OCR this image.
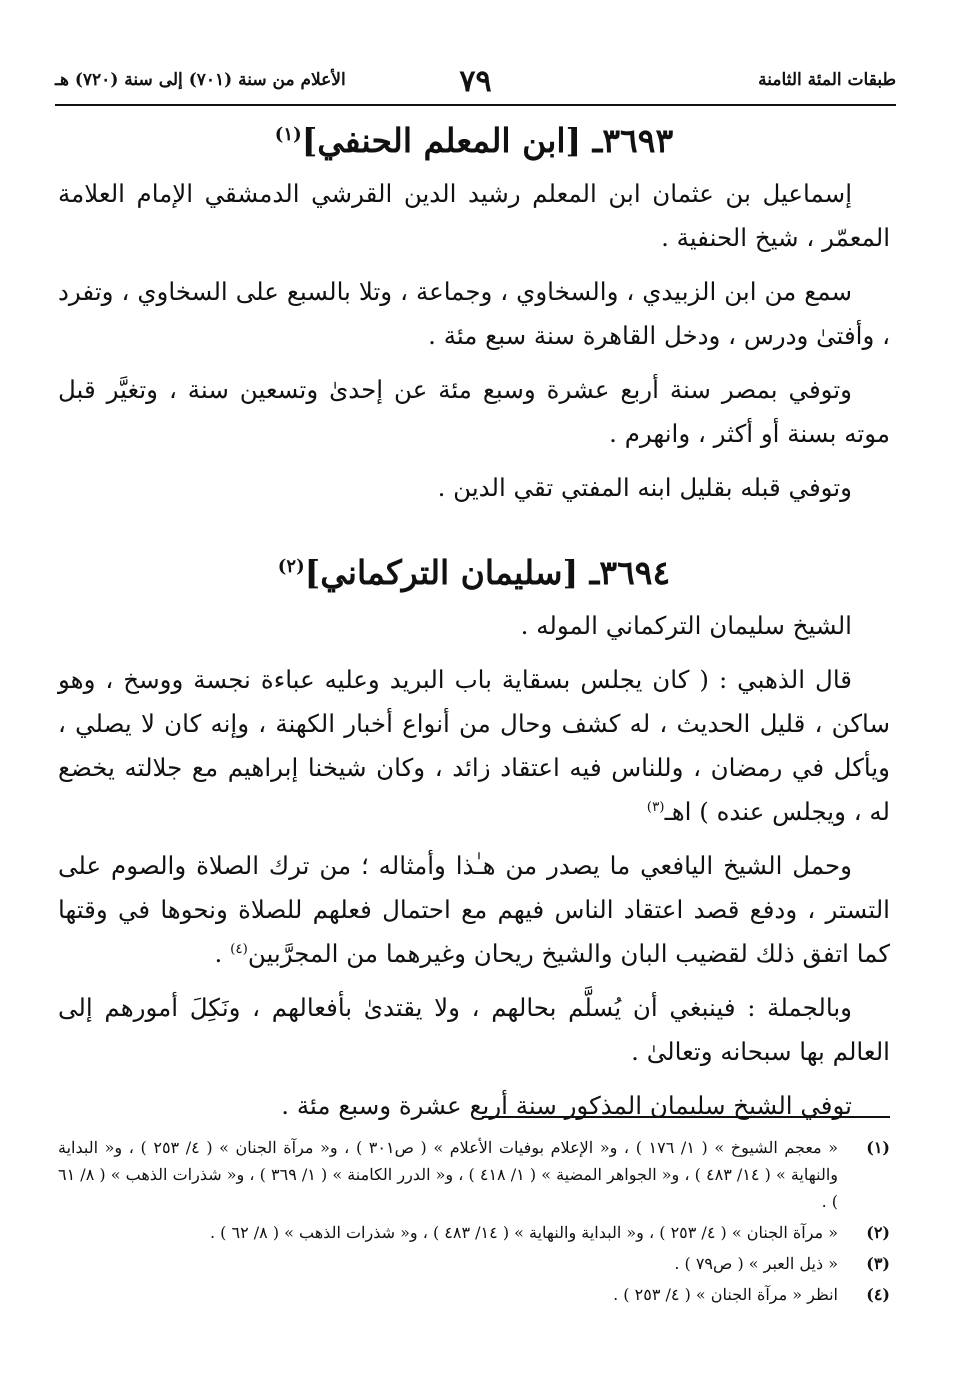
طبقات المئة الثامنة
٧٩
الأعلام من سنة (٧٠١) إلى سنة (٧٢٠) هـ
٣٦٩٣ـ [ابن المعلم الحنفي]$^{(١)}$

إسماعيل بن عثمان ابن المعلم رشيد الدين القرشي الدمشقي الإمام العلامة المعمّر ، شيخ الحنفية .

سمع من ابن الزبيدي ، والسخاوي ، وجماعة ، وتلا بالسبع على السخاوي ، وتفرد ، وأفتىٰ ودرس ، ودخل القاهرة سنة سبع مئة .

وتوفي بمصر سنة أربع عشرة وسبع مئة عن إحدىٰ وتسعين سنة ، وتغيَّر قبل موته بسنة أو أكثر ، وانهرم .

وتوفي قبله بقليل ابنه المفتي تقي الدين .

٣٦٩٤ـ [سليمان التركماني]$^{(٢)}$

الشيخ سليمان التركماني الموله .

قال الذهبي : ( كان يجلس بسقاية باب البريد وعليه عباءة نجسة ووسخ ، وهو ساكن ، قليل الحديث ، له كشف وحال من أنواع أخبار الكهنة ، وإنه كان لا يصلي ، ويأكل في رمضان ، وللناس فيه اعتقاد زائد ، وكان شيخنا إبراهيم مع جلالته يخضع له ، ويجلس عنده ) اهـ$^{(٣)}$

وحمل الشيخ اليافعي ما يصدر من هـٰذا وأمثاله ؛ من ترك الصلاة والصوم على التستر ، ودفع قصد اعتقاد الناس فيهم مع احتمال فعلهم للصلاة ونحوها في وقتها كما اتفق ذلك لقضيب البان والشيخ ريحان وغيرهما من المجرَّبين$^{(٤)}$ .

وبالجملة : فينبغي أن يُسلَّم بحالهم ، ولا يقتدىٰ بأفعالهم ، ونَكِلَ أمورهم إلى العالم بها سبحانه وتعالىٰ .

توفي الشيخ سليمان المذكور سنة أربع عشرة وسبع مئة .

(١)
« معجم الشيوخ » ( ١/ ١٧٦ ) ، و« الإعلام بوفيات الأعلام » ( ص٣٠١ ) ، و« مرآة الجنان » ( ٤/ ٢٥٣ ) ، و« البداية والنهاية » ( ١٤/ ٤٨٣ ) ، و« الجواهر المضية » ( ١/ ٤١٨ ) ، و« الدرر الكامنة » ( ١/ ٣٦٩ ) ، و« شذرات الذهب » ( ٨/ ٦١ ) .
(٢)
« مرآة الجنان » ( ٤/ ٢٥٣ ) ، و« البداية والنهاية » ( ١٤/ ٤٨٣ ) ، و« شذرات الذهب » ( ٨/ ٦٢ ) .
(٣)
« ذيل العبر » ( ص٧٩ ) .
(٤)
انظر « مرآة الجنان » ( ٤/ ٢٥٣ ) .
